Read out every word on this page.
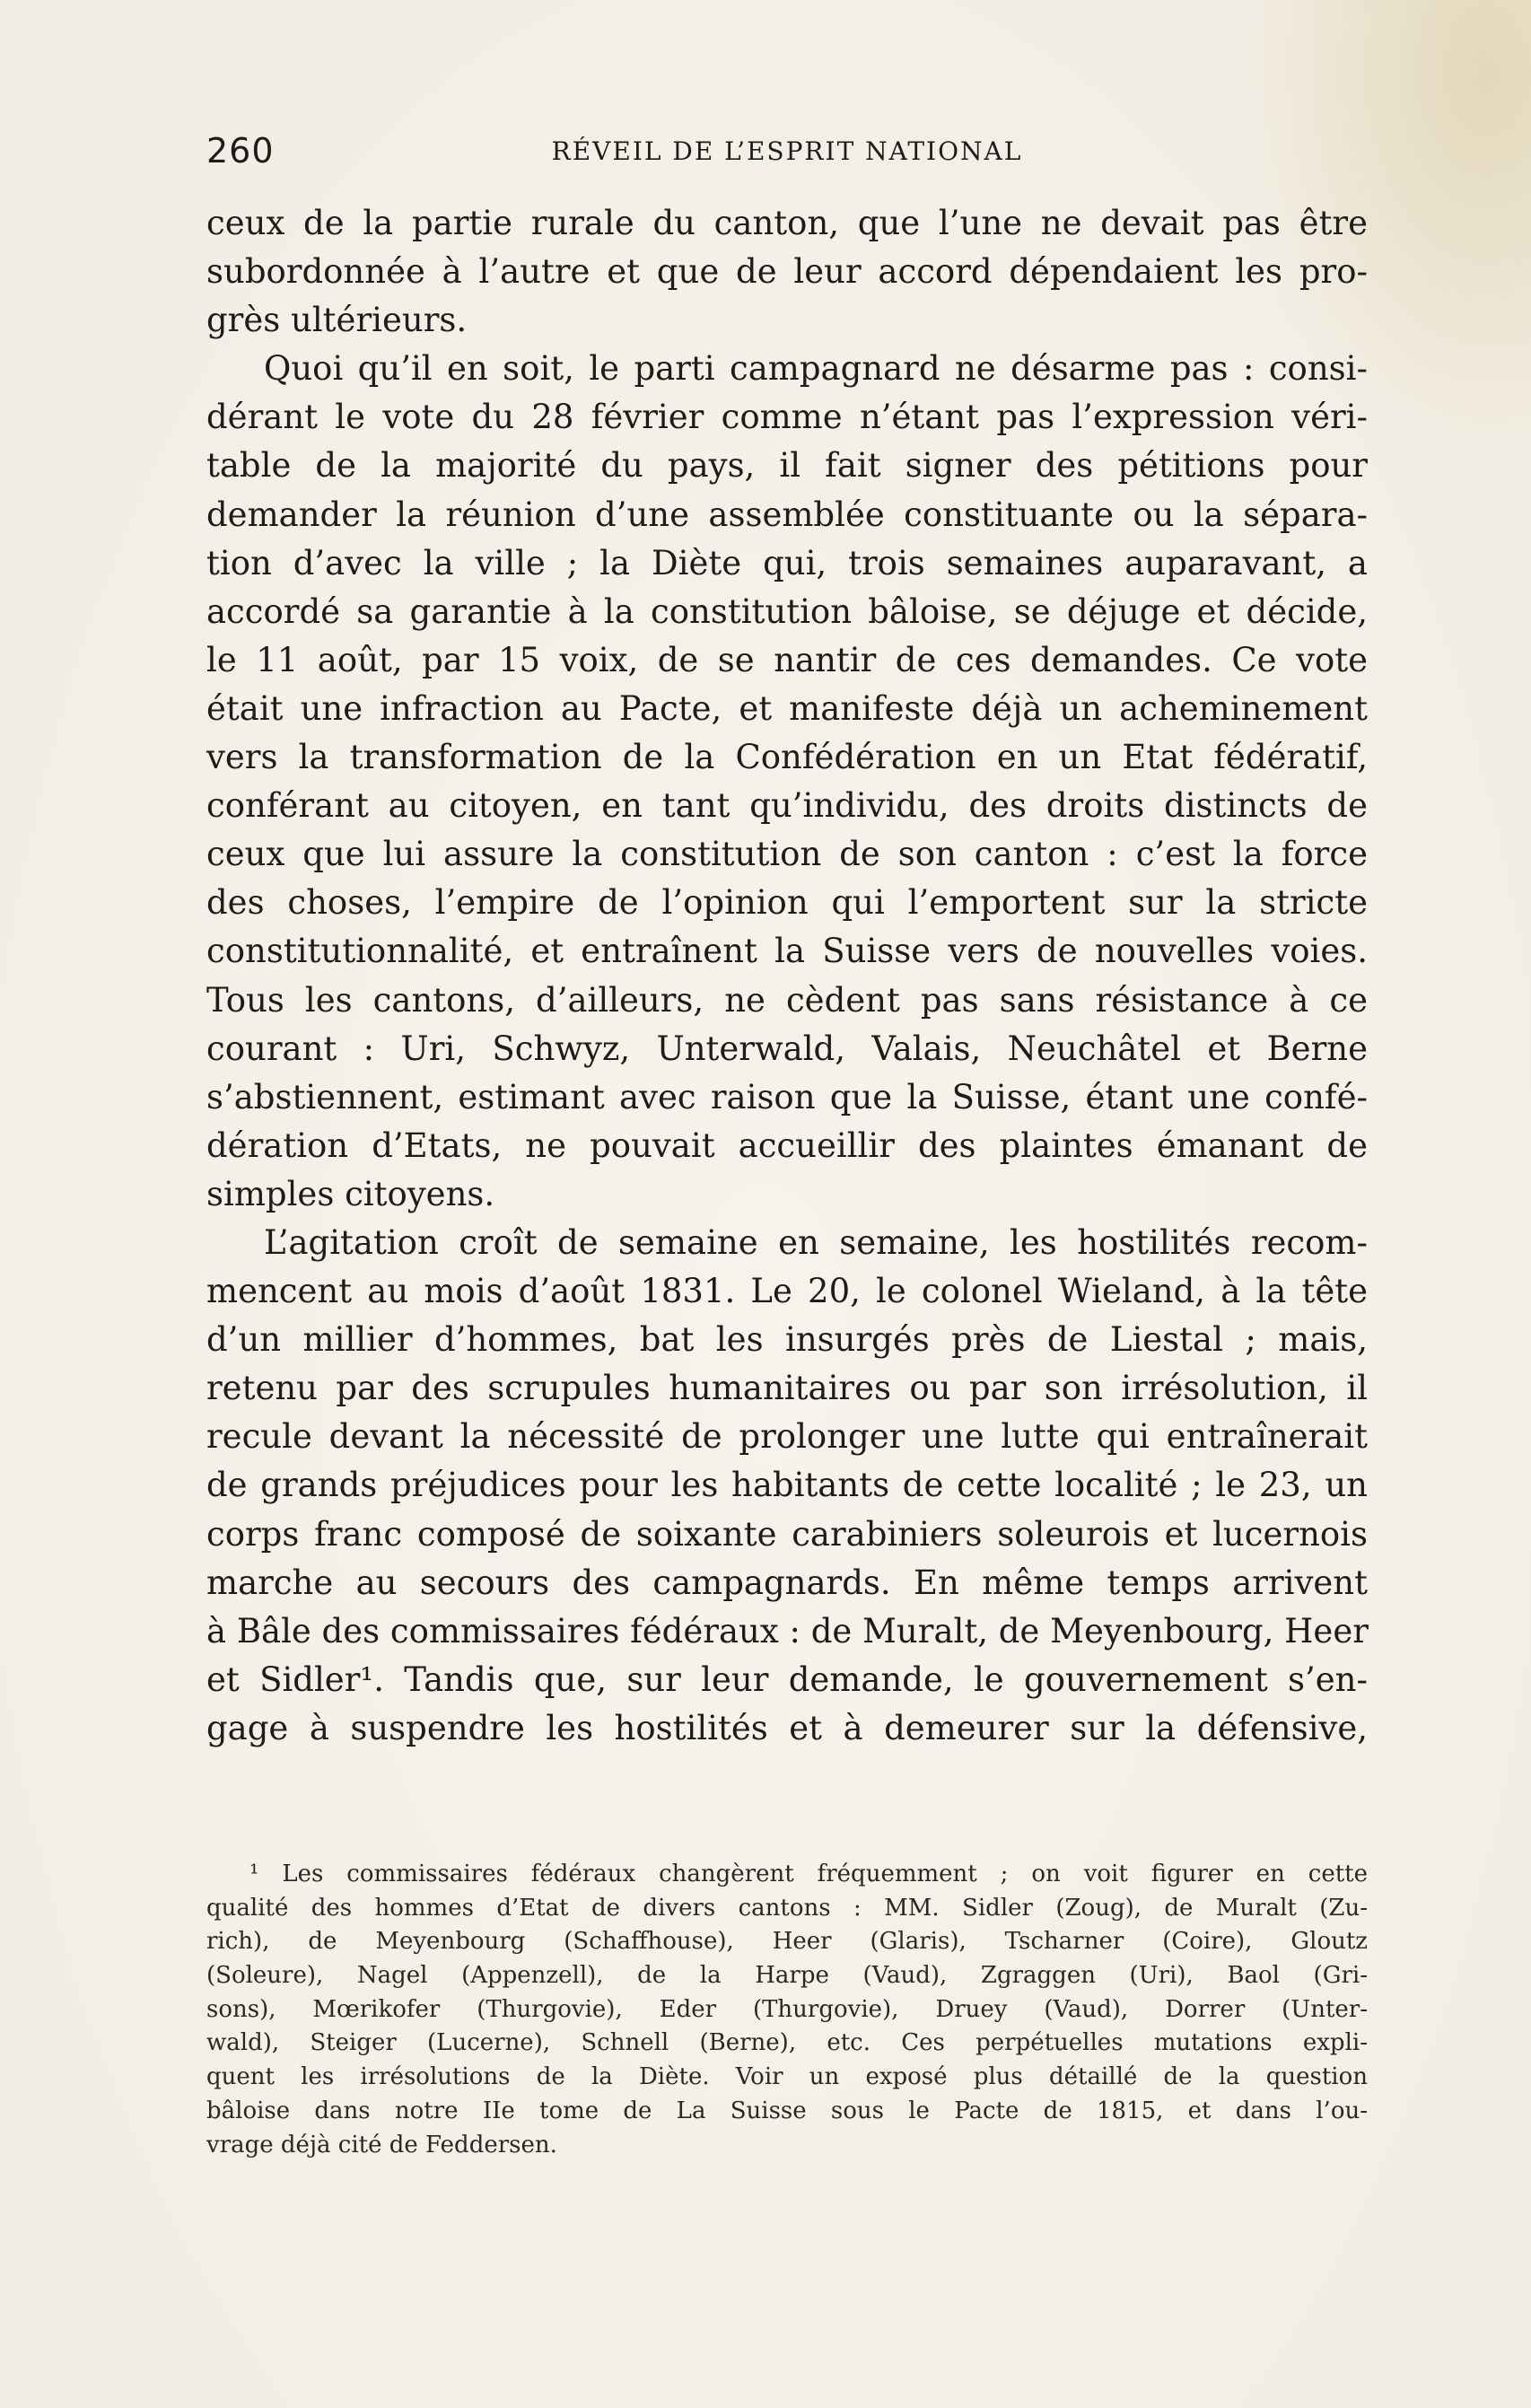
260	RÉVEIL DE L’ESPRIT NATIONAL
ceux de la partie rurale du canton, que l’une ne devait pas être
subordonnée à l’autre et que de leur accord dépendaient les pro-
grès ultérieurs.
Quoi qu’il en soit, le parti campagnard ne désarme pas : consi-
dérant le vote du 28 février comme n’étant pas l’expression véri-
table de la majorité du pays, il fait signer des pétitions pour
demander la réunion d’une assemblée constituante ou la sépara-
tion d’avec la ville ; la Diète qui, trois semaines auparavant, a
accordé sa garantie à la constitution bâloise, se déjuge et décide,
le 11 août, par 15 voix, de se nantir de ces demandes. Ce vote
était une infraction au Pacte, et manifeste déjà un acheminement
vers la transformation de la Confédération en un Etat fédératif,
conférant au citoyen, en tant qu’individu, des droits distincts de
ceux que lui assure la constitution de son canton : c’est la force
des choses, l’empire de l’opinion qui l’emportent sur la stricte
constitutionnalité, et entraînent la Suisse vers de nouvelles voies.
Tous les cantons, d’ailleurs, ne cèdent pas sans résistance à ce
courant : Uri, Schwyz, Unterwald, Valais, Neuchâtel et Berne
s’abstiennent, estimant avec raison que la Suisse, étant une confé-
dération d’Etats, ne pouvait accueillir des plaintes émanant de
simples citoyens.
L’agitation croît de semaine en semaine, les hostilités recom-
mencent au mois d’août 1831. Le 20, le colonel Wieland, à la tête
d’un millier d’hommes, bat les insurgés près de Liestal ; mais,
retenu par des scrupules humanitaires ou par son irrésolution, il
recule devant la nécessité de prolonger une lutte qui entraînerait
de grands préjudices pour les habitants de cette localité ; le 23, un
corps franc composé de soixante carabiniers soleurois et lucernois
marche au secours des campagnards. En même temps arrivent
à Bâle des commissaires fédéraux : de Muralt, de Meyenbourg, Heer
et Sidler¹. Tandis que, sur leur demande, le gouvernement s’en-
gage à suspendre les hostilités et à demeurer sur la défensive,
¹ Les commissaires fédéraux changèrent fréquemment ; on voit figurer en cette
qualité des hommes d’Etat de divers cantons : MM. Sidler (Zoug), de Muralt (Zu-
rich), de Meyenbourg (Schaffhouse), Heer (Glaris), Tscharner (Coire), Gloutz
(Soleure), Nagel (Appenzell), de la Harpe (Vaud), Zgraggen (Uri), Baol (Gri-
sons), Mœrikofer (Thurgovie), Eder (Thurgovie), Druey (Vaud), Dorrer (Unter-
wald), Steiger (Lucerne), Schnell (Berne), etc. Ces perpétuelles mutations expli-
quent les irrésolutions de la Diète. Voir un exposé plus détaillé de la question
bâloise dans notre IIe tome de La Suisse sous le Pacte de 1815, et dans l’ou-
vrage déjà cité de Feddersen.
